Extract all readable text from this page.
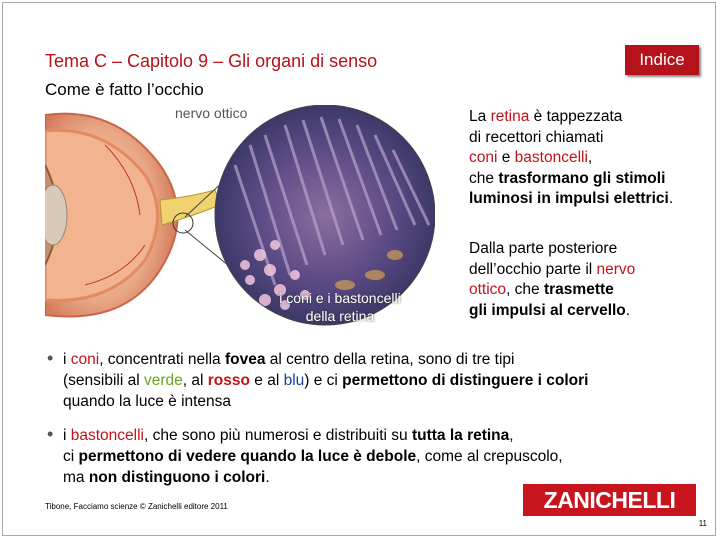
Tema C – Capitolo 9 – Gli organi di senso	Indice
Come è fatto l’occhio
nervo ottico
i coni e i bastoncelli
della retina
La retina è tappezzata
di recettori chiamati
coni e bastoncelli,
che trasformano gli stimoli
luminosi in impulsi elettrici.
Dalla parte posteriore
dell’occhio parte il nervo
ottico, che trasmette
gli impulsi al cervello.
• i coni, concentrati nella fovea al centro della retina, sono di tre tipi
(sensibili al verde, al rosso e al blu) e ci permettono di distinguere i colori
quando la luce è intensa
• i bastoncelli, che sono più numerosi e distribuiti su tutta la retina,
ci permettono di vedere quando la luce è debole, come al crepuscolo,
ma non distinguono i colori.
Tibone, Facciamo scienze © Zanichelli editore 2011	ZANICHELLI
11
